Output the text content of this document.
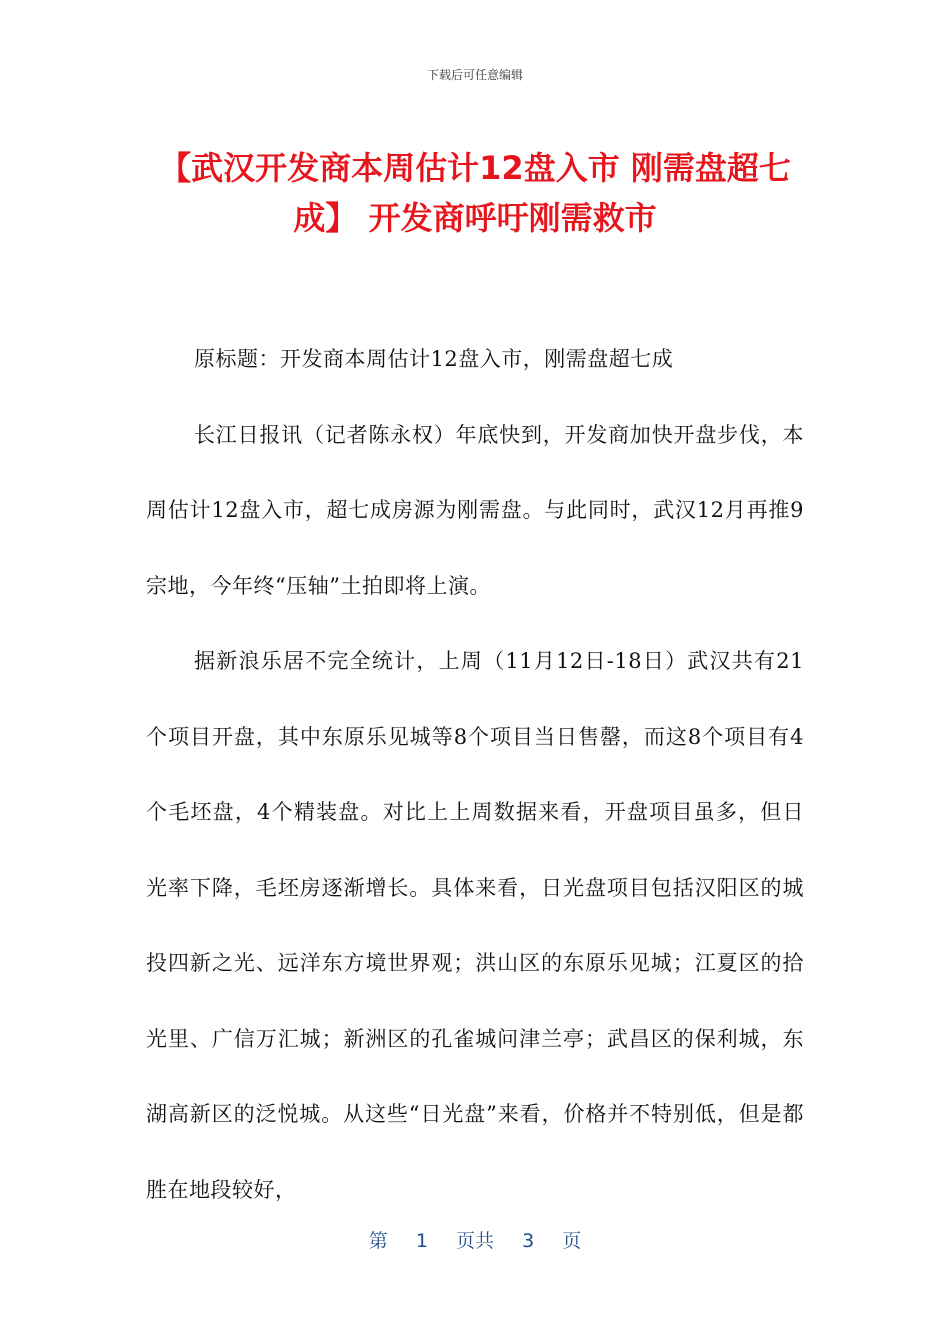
下载后可任意编辑
【武汉开发商本周估计12盘入市 刚需盘超七成】 开发商呼吁刚需救市

原标题：开发商本周估计12盘入市，刚需盘超七成

长江日报讯（记者陈永权）年底快到，开发商加快开盘步伐，本周估计12盘入市，超七成房源为刚需盘。与此同时，武汉12月再推9宗地，今年终“压轴”土拍即将上演。

据新浪乐居不完全统计，上周（11月12日-18日）武汉共有21个项目开盘，其中东原乐见城等8个项目当日售罄，而这8个项目有4个毛坯盘，4个精装盘。对比上上周数据来看，开盘项目虽多，但日光率下降，毛坯房逐渐增长。具体来看，日光盘项目包括汉阳区的城投四新之光、远洋东方境世界观；洪山区的东原乐见城；江夏区的拾光里、广信万汇城；新洲区的孔雀城问津兰亭；武昌区的保利城，东湖高新区的泛悦城。从这些“日光盘”来看，价格并不特别低，但是都胜在地段较好，

第  1  页共  3  页
